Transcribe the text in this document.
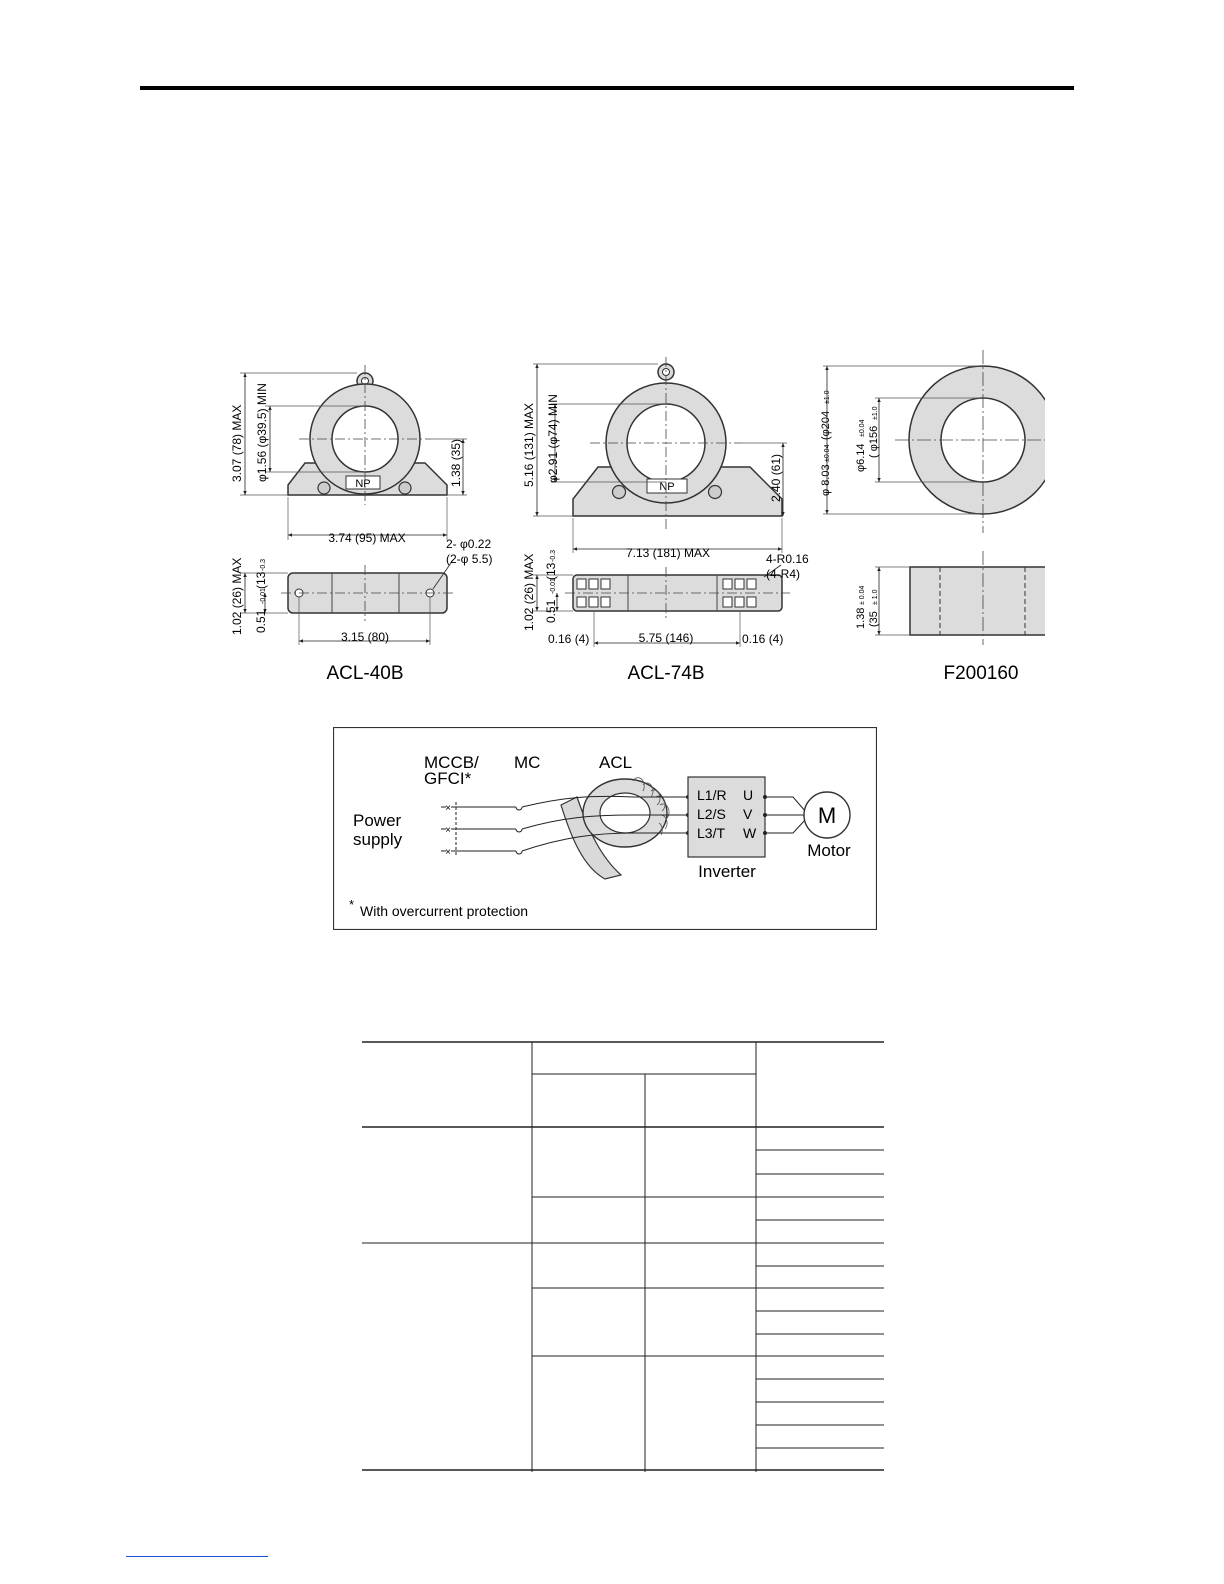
NP
3.07 (78) MAX φ1.56 (φ39.5) MIN	1.38 (35)
3.74 (95) MAX
1.02 (26) MAX 0.51
-0.01
(13
-0.3
3.15 (80)
2- φ0.22
(2-φ 5.5)
ACL-40B
NP
5.16 (131) MAX φ2.91 (φ74) MIN	2.40 (61)
7.13 (181) MAX
1.02 (26) MAX 0.51
-0.01
(13
-0.3
0.16 (4)	5.75 (146)	0.16 (4)
4-R0.16
(4-R4)
ACL-74B
φ 8.03
±0.04
(φ204
±1.0
φ6.14
±0.04 ( φ156
±1.0
1.38
± 0.04
(35
± 1.0
F200160
MCCB/
GFCI*
MC	ACL
Power
supply
×
×
×
L1/R
L2/S
L3/T
U
V
W
Inverter
M
Motor
* With overcurrent protection
